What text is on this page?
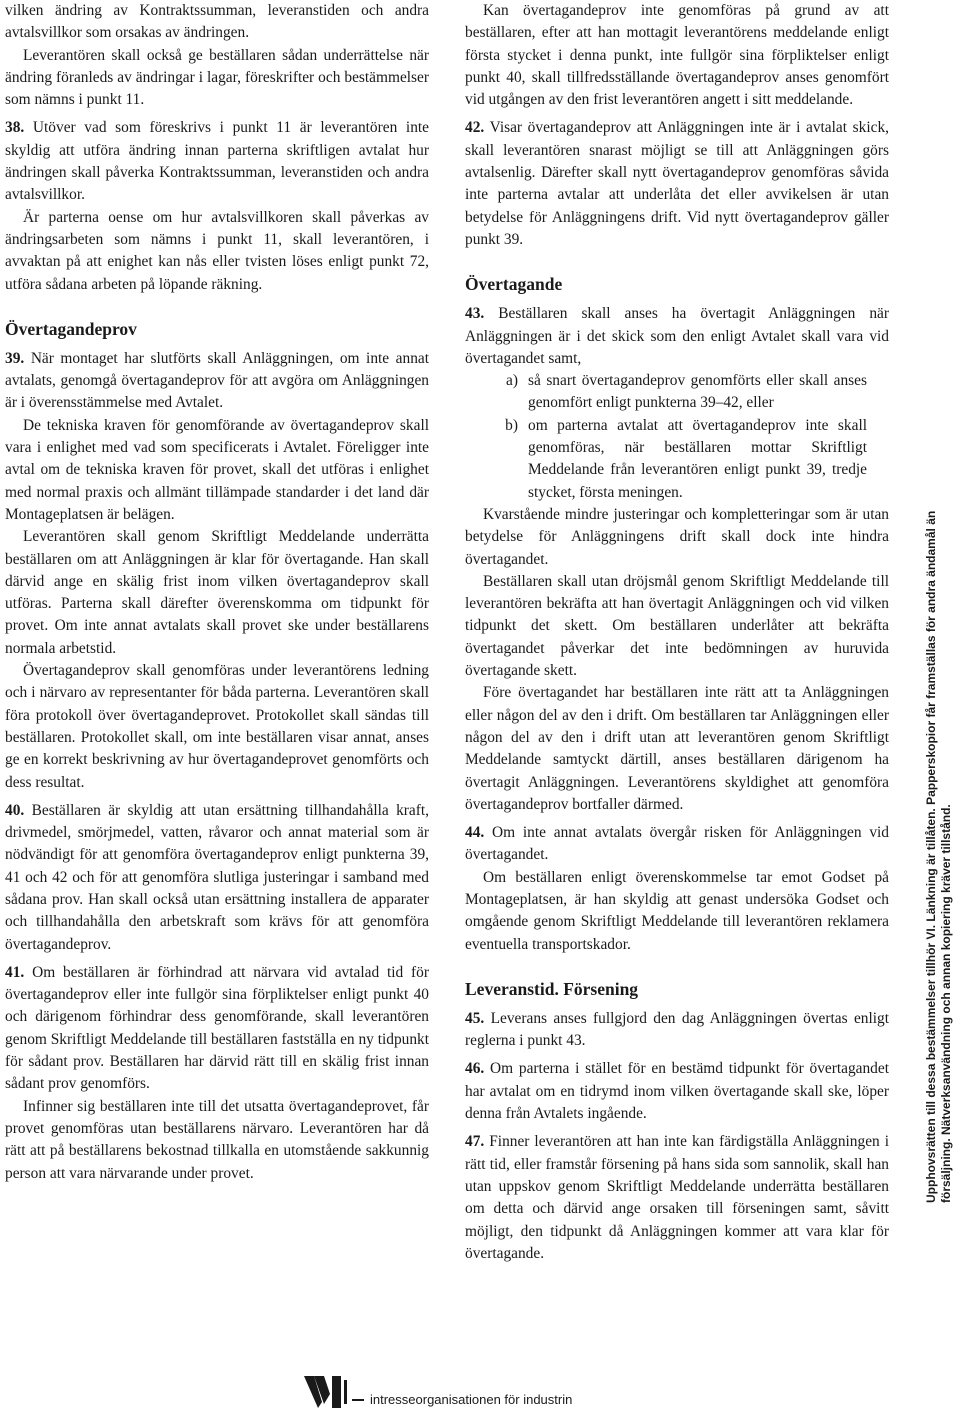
vilken ändring av Kontraktssumman, leveranstiden och andra avtalsvillkor som orsakas av ändringen.

Leverantören skall också ge beställaren sådan underrättelse när ändring föranleds av ändringar i lagar, föreskrifter och bestämmelser som nämns i punkt 11.

38. Utöver vad som föreskrivs i punkt 11 är leverantören inte skyldig att utföra ändring innan parterna skriftligen avtalat hur ändringen skall påverka Kontraktssumman, leveranstiden och andra avtalsvillkor.

Är parterna oense om hur avtalsvillkoren skall påverkas av ändringsarbeten som nämns i punkt 11, skall leverantören, i avvaktan på att enighet kan nås eller tvisten löses enligt punkt 72, utföra sådana arbeten på löpande räkning.

Övertagandeprov

39. När montaget har slutförts skall Anläggningen, om inte annat avtalats, genomgå övertagandeprov för att avgöra om Anläggningen är i överensstämmelse med Avtalet.

De tekniska kraven för genomförande av övertagandeprov skall vara i enlighet med vad som specificerats i Avtalet. Föreligger inte avtal om de tekniska kraven för provet, skall det utföras i enlighet med normal praxis och allmänt tillämpade standarder i det land där Montageplatsen är belägen.

Leverantören skall genom Skriftligt Meddelande underrätta beställaren om att Anläggningen är klar för övertagande. Han skall därvid ange en skälig frist inom vilken övertagandeprov skall utföras. Parterna skall därefter överenskomma om tidpunkt för provet. Om inte annat avtalats skall provet ske under beställarens normala arbetstid.

Övertagandeprov skall genomföras under leverantörens ledning och i närvaro av representanter för båda parterna. Leverantören skall föra protokoll över övertagandeprovet. Protokollet skall sändas till beställaren. Protokollet skall, om inte beställaren visar annat, anses ge en korrekt beskrivning av hur övertagandeprovet genomförts och dess resultat.

40. Beställaren är skyldig att utan ersättning tillhandahålla kraft, drivmedel, smörjmedel, vatten, råvaror och annat material som är nödvändigt för att genomföra övertagandeprov enligt punkterna 39, 41 och 42 och för att genomföra slutliga justeringar i samband med sådana prov. Han skall också utan ersättning installera de apparater och tillhandahålla den arbetskraft som krävs för att genomföra övertagandeprov.

41. Om beställaren är förhindrad att närvara vid avtalad tid för övertagandeprov eller inte fullgör sina förpliktelser enligt punkt 40 och därigenom förhindrar dess genomförande, skall leverantören genom Skriftligt Meddelande till beställaren fastställa en ny tidpunkt för sådant prov. Beställaren har därvid rätt till en skälig frist innan sådant prov genomförs.

Infinner sig beställaren inte till det utsatta övertagandeprovet, får provet genomföras utan beställarens närvaro. Leverantören har då rätt att på beställarens bekostnad tillkalla en utomstående sakkunnig person att vara närvarande under provet.

Kan övertagandeprov inte genomföras på grund av att beställaren, efter att han mottagit leverantörens meddelande enligt första stycket i denna punkt, inte fullgör sina förpliktelser enligt punkt 40, skall tillfredsställande övertagandeprov anses genomfört vid utgången av den frist leverantören angett i sitt meddelande.

42. Visar övertagandeprov att Anläggningen inte är i avtalat skick, skall leverantören snarast möjligt se till att Anläggningen görs avtalsenlig. Därefter skall nytt övertagandeprov genomföras såvida inte parterna avtalar att underlåta det eller avvikelsen är utan betydelse för Anläggningens drift. Vid nytt övertagandeprov gäller punkt 39.

Övertagande

43. Beställaren skall anses ha övertagit Anläggningen när Anläggningen är i det skick som den enligt Avtalet skall vara vid övertagandet samt,

a) så snart övertagandeprov genomförts eller skall anses genomfört enligt punkterna 39–42, eller
b) om parterna avtalat att övertagandeprov inte skall genomföras, när beställaren mottar Skriftligt Meddelande från leverantören enligt punkt 39, tredje stycket, första meningen.

Kvarstående mindre justeringar och kompletteringar som är utan betydelse för Anläggningens drift skall dock inte hindra övertagandet.

Beställaren skall utan dröjsmål genom Skriftligt Meddelande till leverantören bekräfta att han övertagit Anläggningen och vid vilken tidpunkt det skett. Om beställaren underlåter att bekräfta övertagandet påverkar det inte bedömningen av huruvida övertagande skett.

Före övertagandet har beställaren inte rätt att ta Anläggningen eller någon del av den i drift. Om beställaren tar Anläggningen eller någon del av den i drift utan att leverantören genom Skriftligt Meddelande samtyckt därtill, anses beställaren därigenom ha övertagit Anläggningen. Leverantörens skyldighet att genomföra övertagandeprov bortfaller därmed.

44. Om inte annat avtalats övergår risken för Anläggningen vid övertagandet.

Om beställaren enligt överenskommelse tar emot Godset på Montageplatsen, är han skyldig att genast undersöka Godset och omgående genom Skriftligt Meddelande till leverantören reklamera eventuella transportskador.

Leveranstid. Försening

45. Leverans anses fullgjord den dag Anläggningen övertas enligt reglerna i punkt 43.

46. Om parterna i stället för en bestämd tidpunkt för övertagandet har avtalat om en tidrymd inom vilken övertagande skall ske, löper denna från Avtalets ingående.

47. Finner leverantören att han inte kan färdigställa Anläggningen i rätt tid, eller framstår försening på hans sida som sannolik, skall han utan uppskov genom Skriftligt Meddelande underrätta beställaren om detta och därvid ange orsaken till förseningen samt, såvitt möjligt, den tidpunkt då Anläggningen kommer att vara klar för övertagande.

Upphovsrätten till dessa bestämmelser tillhör VI. Länkning är tillåten. Papperskopior får framställas för andra ändamål än försäljning. Nätverksanvändning och annan kopiering kräver tillstånd.
intresseorganisationen för industrin
